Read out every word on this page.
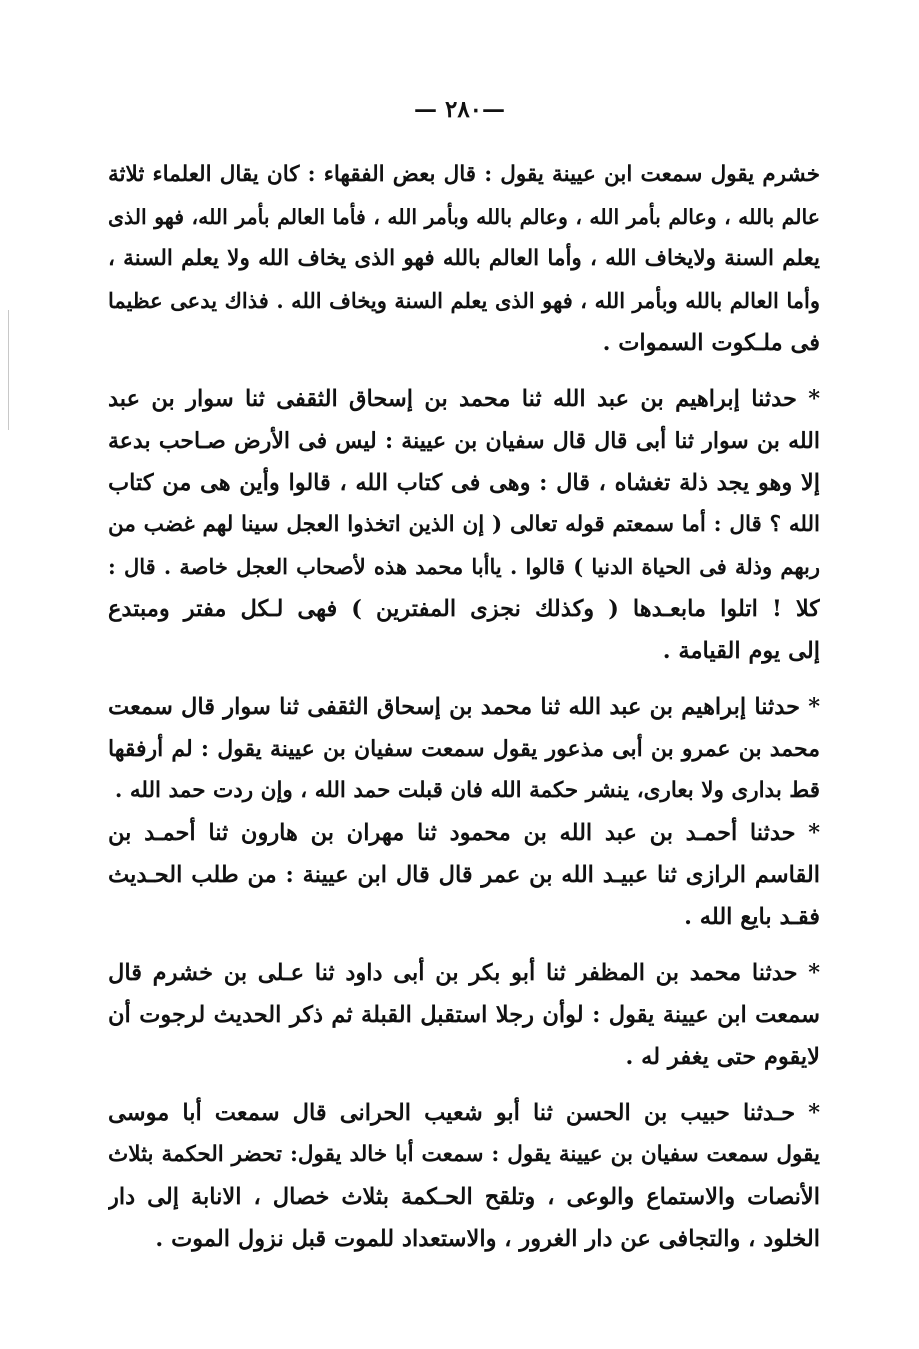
—٢٨٠ —
خشرم يقول سمعت ابن عيينة يقول : قال بعض الفقهاء : كان يقال العلماء ثلاثة
عالم بالله ، وعالم بأمر الله ، وعالم بالله وبأمر الله ، فأما العالم بأمر الله، فهو الذى
يعلم السنة ولايخاف الله ، وأما العالم بالله فهو الذى يخاف الله ولا يعلم السنة ،
وأما العالم بالله وبأمر الله ، فهو الذى يعلم السنة ويخاف الله . فذاك يدعى عظيما
فى ملـكوت السموات .
* حدثنا إبراهيم بن عبد الله ثنا محمد بن إسحاق الثقفى ثنا سوار بن عبد
الله بن سوار ثنا أبى قال قال سفيان بن عيينة : ليس فى الأرض صـاحب بدعة
إلا وهو يجد ذلة تغشاه ، قال : وهى فى كتاب الله ، قالوا وأين هى من كتاب
الله ؟ قال : أما سمعتم قوله تعالى ( إن الذين اتخذوا العجل سينا لهم غضب من
ربهم وذلة فى الحياة الدنيا ) قالوا . ياأبا محمد هذه لأصحاب العجل خاصة . قال :
كلا ! اتلوا مابعـدها ( وكذلك نجزى المفترين ) فهى لـكل مفتر ومبتدع
إلى يوم القيامة .
* حدثنا إبراهيم بن عبد الله ثنا محمد بن إسحاق الثقفى ثنا سوار قال سمعت
محمد بن عمرو بن أبى مذعور يقول سمعت سفيان بن عيينة يقول : لم أرفقها
قط بدارى ولا بعارى، ينشر حكمة الله فان قبلت حمد الله ، وإن ردت حمد الله .
* حدثنا أحمـد بن عبد الله بن محمود ثنا مهران بن هارون ثنا أحمـد بن
القاسم الرازى ثنا عبيـد الله بن عمر قال قال ابن عيينة : من طلب الحـديث
فقـد بايع الله .
* حدثنا محمد بن المظفر ثنا أبو بكر بن أبى داود ثنا عـلى بن خشرم قال
سمعت ابن عيينة يقول : لوأن رجلا استقبل القبلة ثم ذكر الحديث لرجوت أن
لايقوم حتى يغفر له .
* حـدثنا حبيب بن الحسن ثنا أبو شعيب الحرانى قال سمعت أبا موسى
يقول سمعت سفيان بن عيينة يقول : سمعت أبا خالد يقول: تحضر الحكمة بثلاث
الأنصات والاستماع والوعى ، وتلقح الحـكمة بثلاث خصال ، الانابة إلى دار
الخلود ، والتجافى عن دار الغرور ، والاستعداد للموت قبل نزول الموت .
